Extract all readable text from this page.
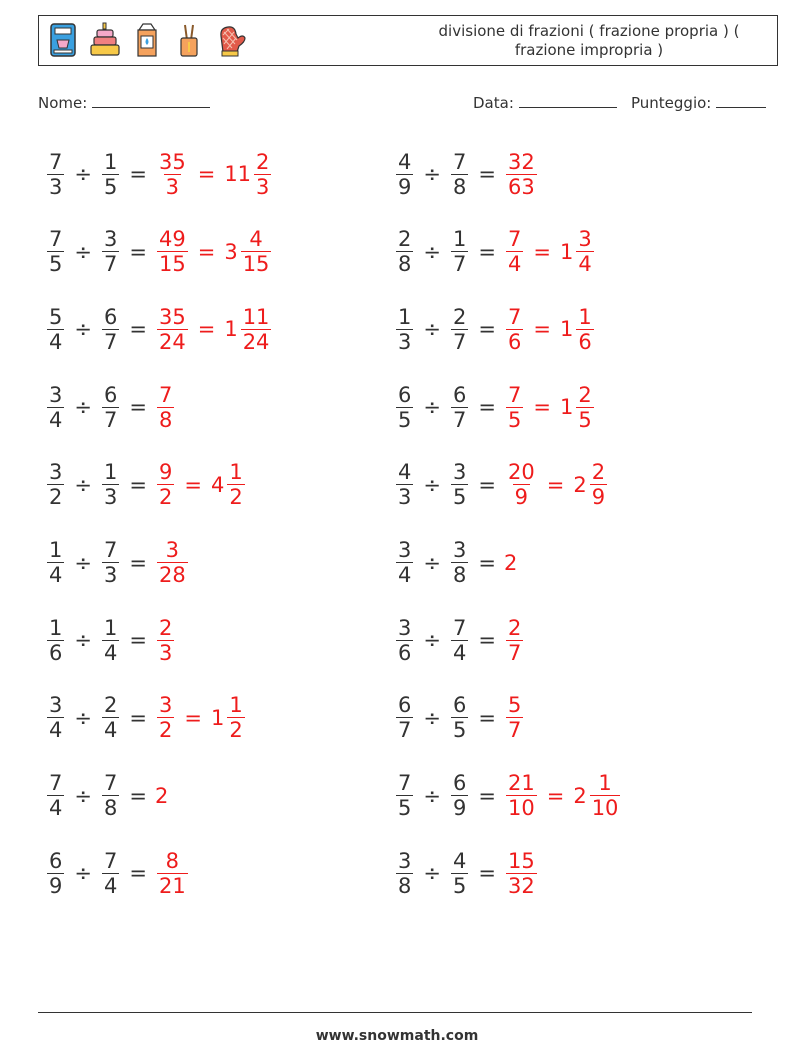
divisione di frazioni ( frazione propria ) ( frazione impropria )
Nome:	Data:	Punteggio:
$\frac{7}{3} \div \frac{1}{5} = \frac{35}{3} = 11 \frac{2}{3}$	$\frac{4}{9} \div \frac{7}{8} = \frac{32}{63}$
$\frac{7}{5} \div \frac{3}{7} = \frac{49}{15} = 3 \frac{4}{15}$	$\frac{2}{8} \div \frac{1}{7} = \frac{7}{4} = 1 \frac{3}{4}$
$\frac{5}{4} \div \frac{6}{7} = \frac{35}{24} = 1 \frac{11}{24}$	$\frac{1}{3} \div \frac{2}{7} = \frac{7}{6} = 1 \frac{1}{6}$
$\frac{3}{4} \div \frac{6}{7} = \frac{7}{8}$	$\frac{6}{5} \div \frac{6}{7} = \frac{7}{5} = 1 \frac{2}{5}$
$\frac{3}{2} \div \frac{1}{3} = \frac{9}{2} = 4 \frac{1}{2}$	$\frac{4}{3} \div \frac{3}{5} = \frac{20}{9} = 2 \frac{2}{9}$
$\frac{1}{4} \div \frac{7}{3} = \frac{3}{28}$	$\frac{3}{4} \div \frac{3}{8} = 2$
$\frac{1}{6} \div \frac{1}{4} = \frac{2}{3}$	$\frac{3}{6} \div \frac{7}{4} = \frac{2}{7}$
$\frac{3}{4} \div \frac{2}{4} = \frac{3}{2} = 1 \frac{1}{2}$	$\frac{6}{7} \div \frac{6}{5} = \frac{5}{7}$
$\frac{7}{4} \div \frac{7}{8} = 2$	$\frac{7}{5} \div \frac{6}{9} = \frac{21}{10} = 2 \frac{1}{10}$
$\frac{6}{9} \div \frac{7}{4} = \frac{8}{21}$	$\frac{3}{8} \div \frac{4}{5} = \frac{15}{32}$
www.snowmath.com
